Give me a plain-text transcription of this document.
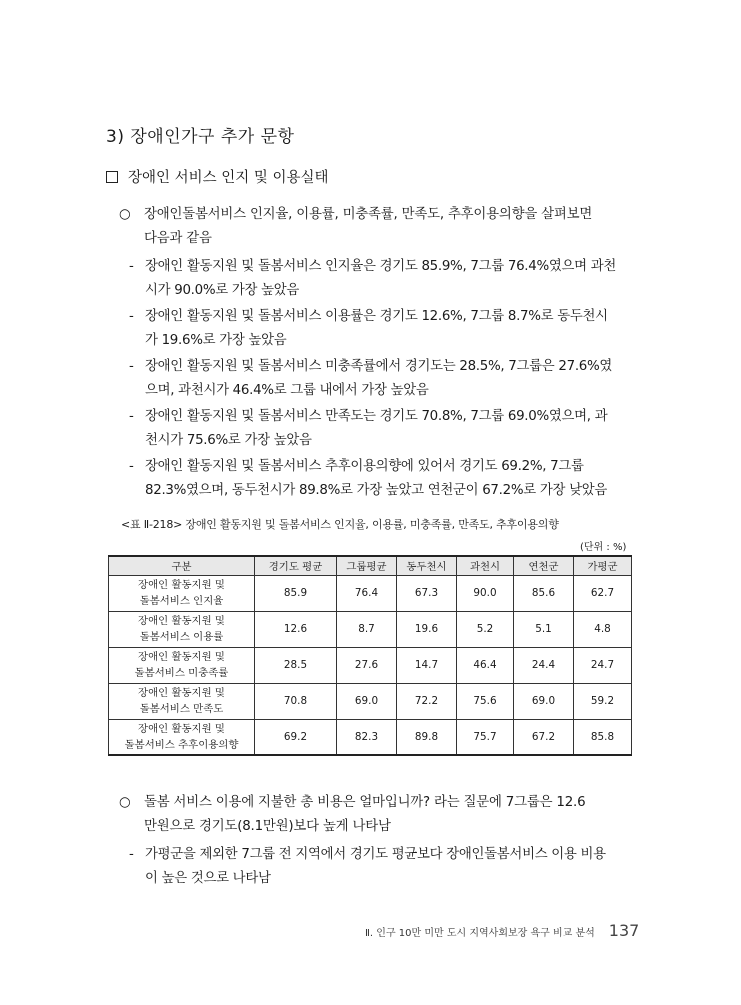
3) 장애인가구 추가 문항
장애인 서비스 인지 및 이용실태
○ 장애인돌봄서비스 인지율, 이용률, 미충족률, 만족도, 추후이용의향을 살펴보면
다음과 같음
- 장애인 활동지원 및 돌봄서비스 인지율은 경기도 85.9%, 7그룹 76.4%였으며 과천
시가 90.0%로 가장 높았음
- 장애인 활동지원 및 돌봄서비스 이용률은 경기도 12.6%, 7그룹 8.7%로 동두천시
가 19.6%로 가장 높았음
- 장애인 활동지원 및 돌봄서비스 미충족률에서 경기도는 28.5%, 7그룹은 27.6%였
으며, 과천시가 46.4%로 그룹 내에서 가장 높았음
- 장애인 활동지원 및 돌봄서비스 만족도는 경기도 70.8%, 7그룹 69.0%였으며, 과
천시가 75.6%로 가장 높았음
- 장애인 활동지원 및 돌봄서비스 추후이용의향에 있어서 경기도 69.2%, 7그룹
82.3%였으며, 동두천시가 89.8%로 가장 높았고 연천군이 67.2%로 가장 낮았음
<표 Ⅱ-218> 장애인 활동지원 및 돌봄서비스 인지율, 이용률, 미충족률, 만족도, 추후이용의향
(단위 : %)
구분	경기도 평균	그룹평균	동두천시	과천시	연천군	가평군

장애인 활동지원 및
돌봄서비스 인지율	85.9	76.4	67.3	90.0	85.6	62.7

장애인 활동지원 및
돌봄서비스 이용률	12.6	8.7	19.6	5.2	5.1	4.8

장애인 활동지원 및
돌봄서비스 미충족률	28.5	27.6	14.7	46.4	24.4	24.7

장애인 활동지원 및
돌봄서비스 만족도	70.8	69.0	72.2	75.6	69.0	59.2

장애인 활동지원 및
돌봄서비스 추후이용의향	69.2	82.3	89.8	75.7	67.2	85.8
○ 돌봄 서비스 이용에 지불한 총 비용은 얼마입니까? 라는 질문에 7그룹은 12.6
만원으로 경기도(8.1만원)보다 높게 나타남
- 가평군을 제외한 7그룹 전 지역에서 경기도 평균보다 장애인돌봄서비스 이용 비용
이 높은 것으로 나타남
Ⅱ. 인구 10만 미만 도시 지역사회보장 욕구 비교 분석 137
